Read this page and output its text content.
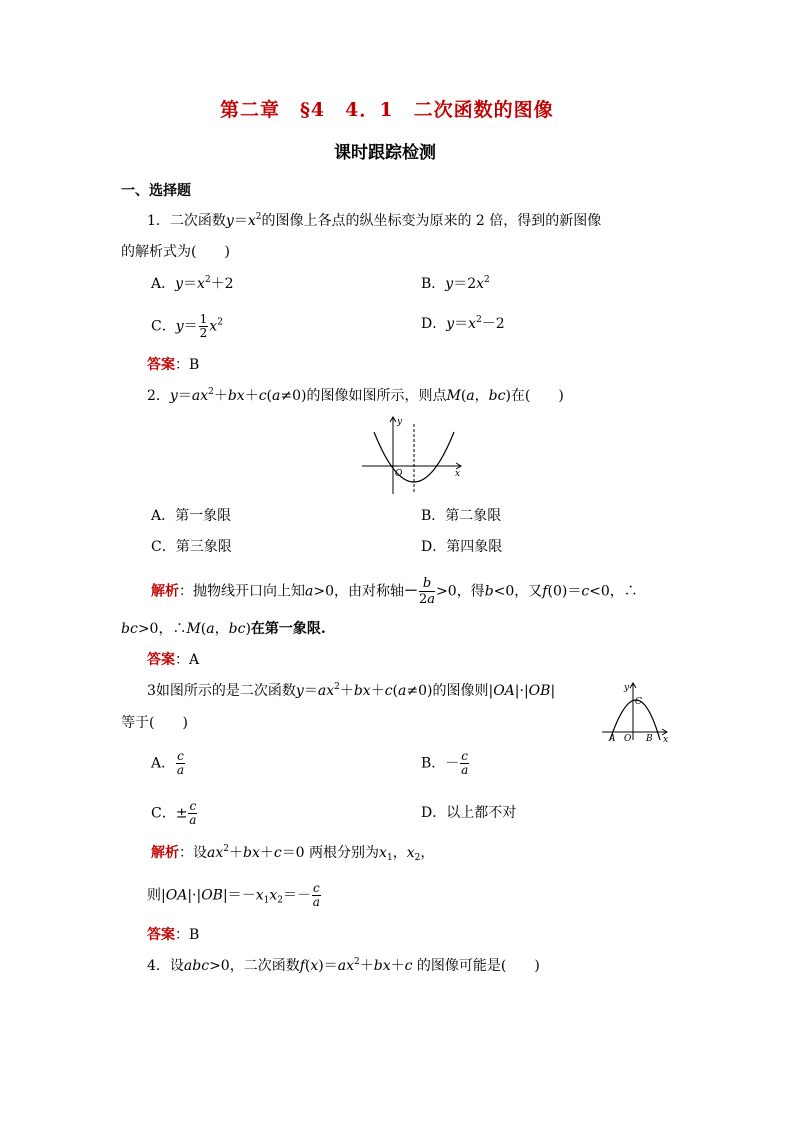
第二章　§4　4．1　二次函数的图像
课时跟踪检测
一、选择题
1．二次函数$y=x^2$的图像上各点的纵坐标变为原来的 2 倍，得到的新图像
的解析式为(　　)
A．$y=x^2+2$	B．$y=2x^2$
C．$y= \frac{1}{2} x^2$	D．$y=x^2-2$
答案：B
2．$y=ax^2+bx+c(a\ne 0)$的图像如图所示，则点M(a，bc)在(　　)
y
x
O
A．第一象限	B．第二象限
C．第三象限	D．第四象限
解析：抛物线开口向上知a>0，由对称轴－ $\frac{b}{2a} >0$，得b<0，又f(0)＝c<0，∴
bc>0，∴M(a，bc)在第一象限.
答案：A
3如图所示的是二次函数$y=ax^2+bx+c(a\ne 0)$的图像则|OA|·|OB|
等于(　　)
y
x
C
A O B
A． $\frac{c}{a}$	B．－ $\frac{c}{a}$
C．± $\frac{c}{a}$	D．以上都不对
解析：设$ax^2+bx+c=0$ 两根分别为$x_1$，$x_2$，
则$|OA|\cdot|OB|=-x_1x_2=- \frac{c}{a}$
答案：B
4．设abc>0，二次函数$f(x)=ax^2+bx+c$ 的图像可能是(　　)
